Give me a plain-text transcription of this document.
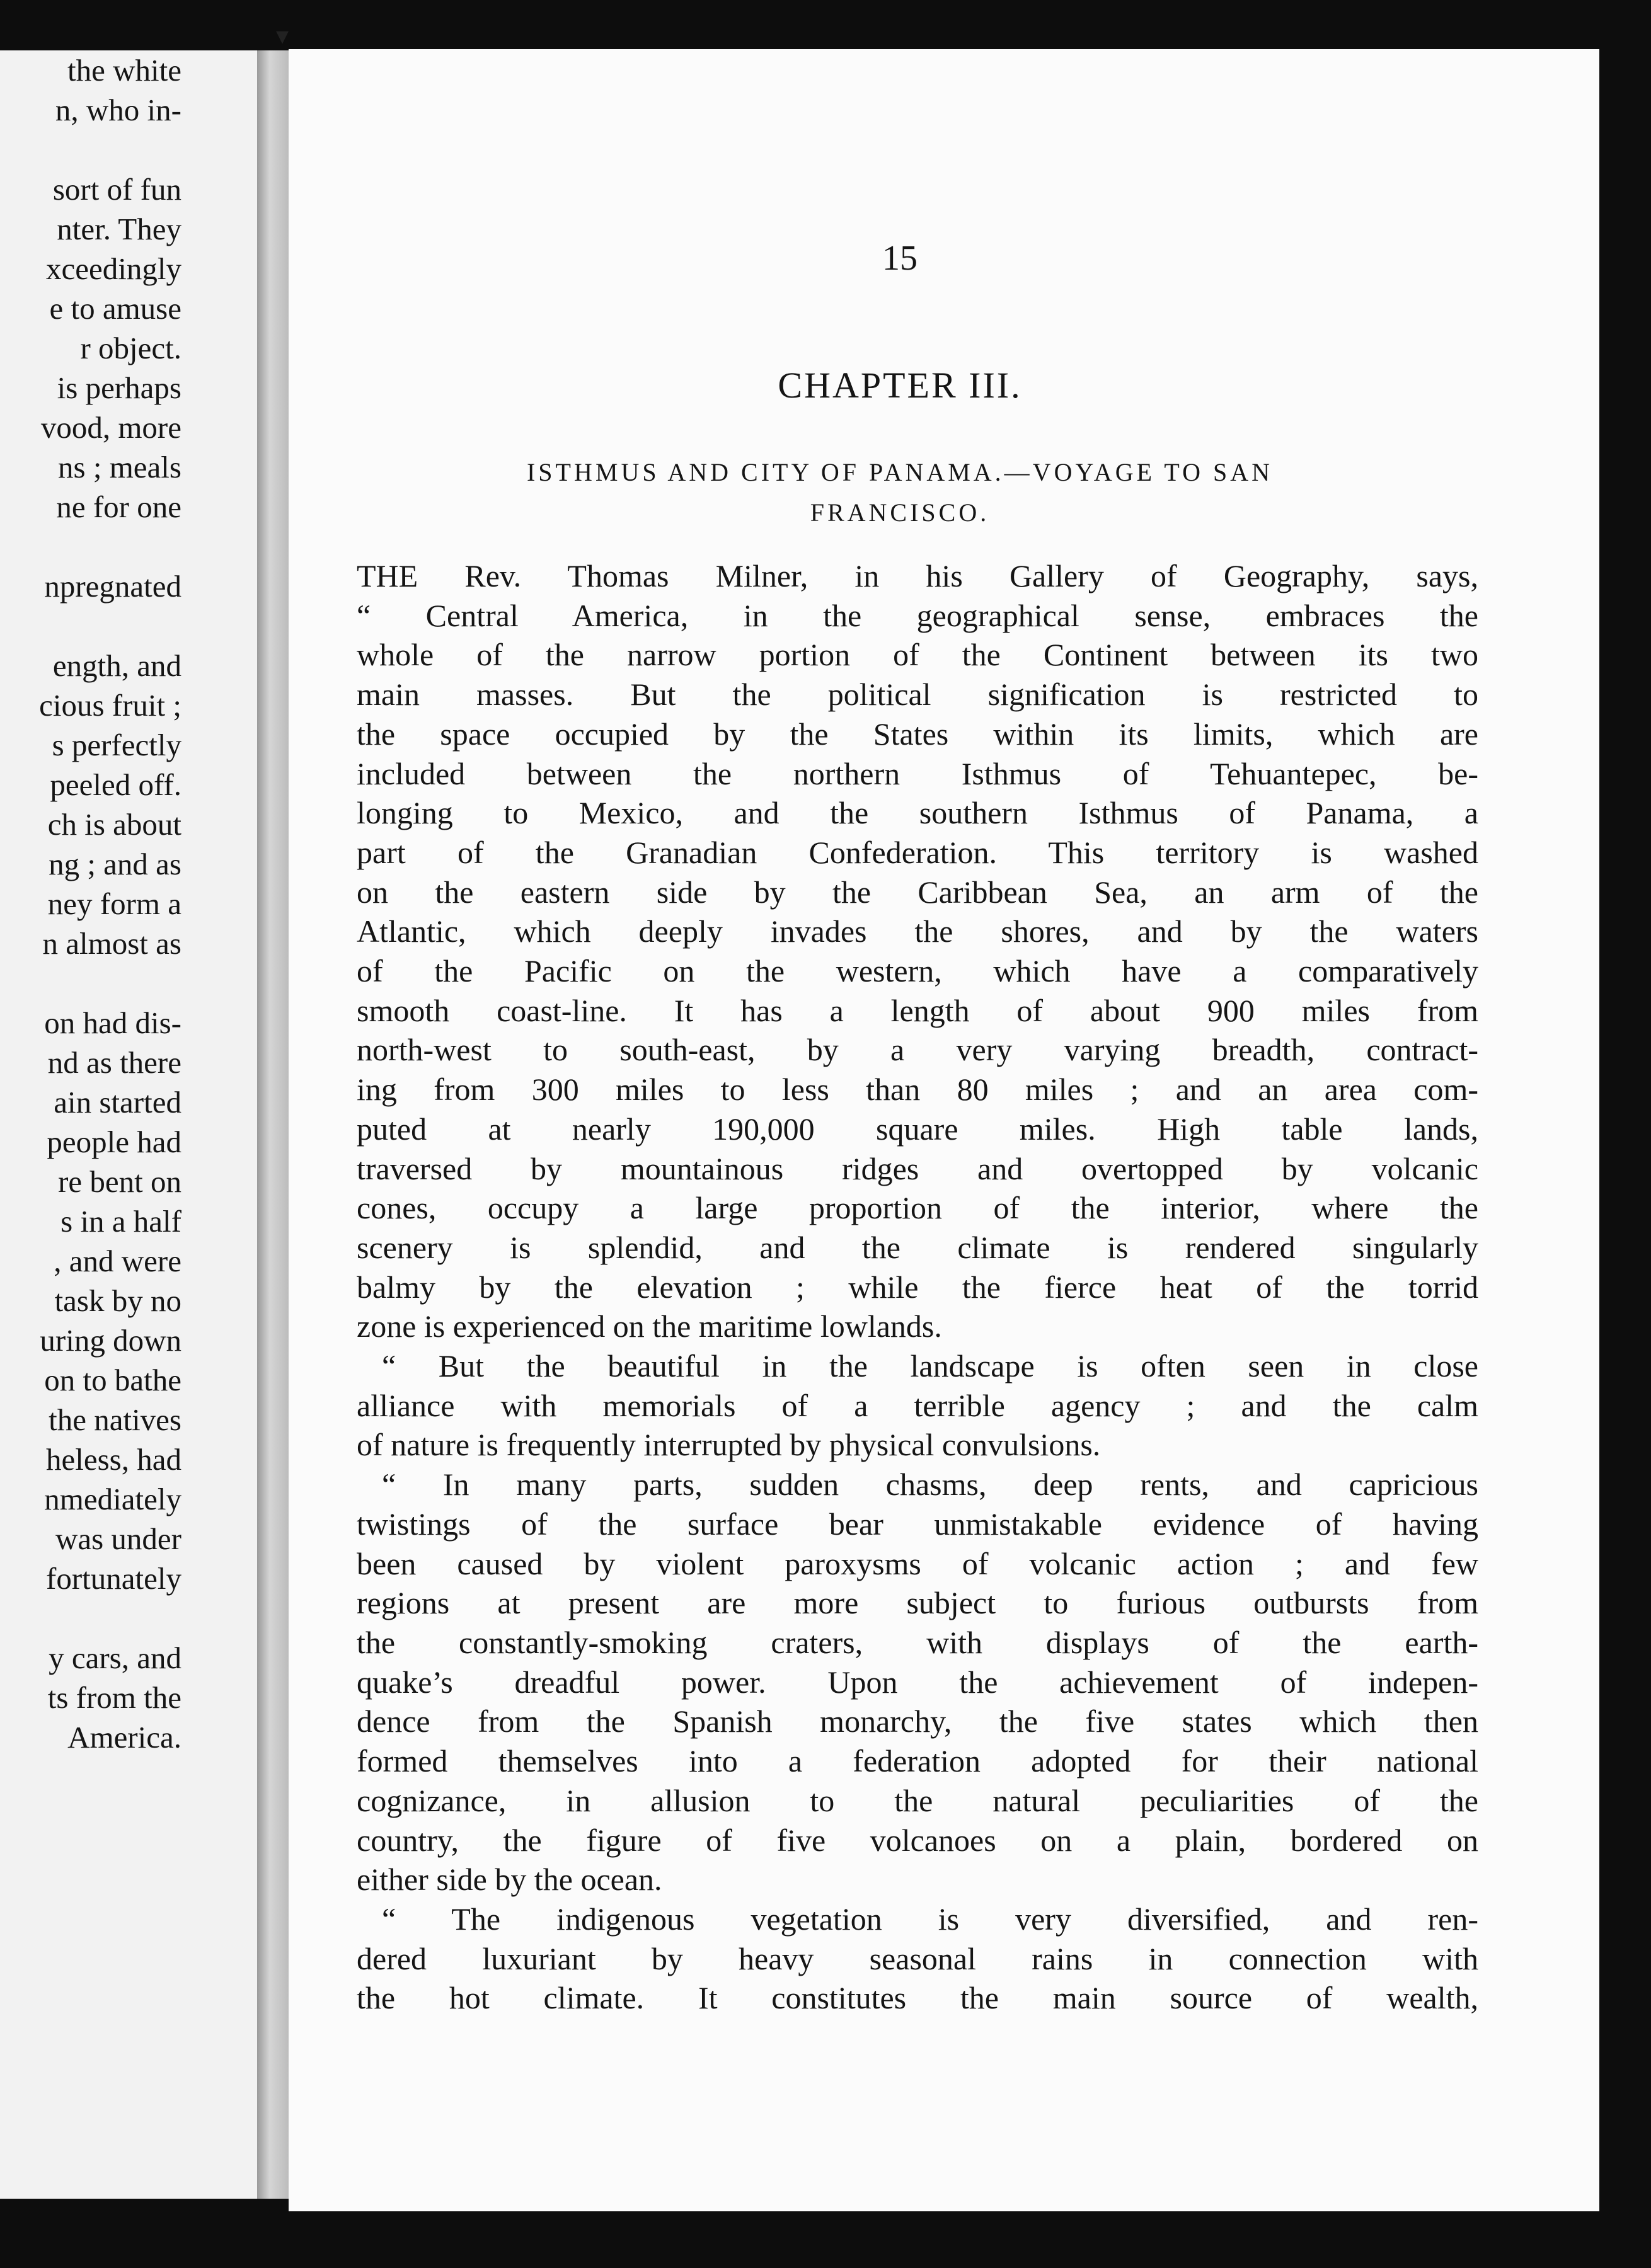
the white
n, who in-

sort of fun
nter. They
xceedingly
e to amuse
r object.
is perhaps
vood, more
ns ; meals
ne for one

npregnated

ength, and
cious fruit ;
s perfectly
peeled off.
ch is about
ng ; and as
ney form a
n almost as

on had dis-
nd as there
ain started
people had
re bent on
s in a half
, and were
task by no
uring down
on to bathe
the natives
heless, had
nmediately
was under
fortunately

y cars, and
ts from the
America.
15
CHAPTER III.
ISTHMUS AND CITY OF PANAMA.—VOYAGE TO SAN
FRANCISCO.
THE Rev. Thomas Milner, in his Gallery of Geography, says,
“ Central America, in the geographical sense, embraces the
whole of the narrow portion of the Continent between its two
main masses. But the political signification is restricted to
the space occupied by the States within its limits, which are
included between the northern Isthmus of Tehuantepec, be-
longing to Mexico, and the southern Isthmus of Panama, a
part of the Granadian Confederation. This territory is washed
on the eastern side by the Caribbean Sea, an arm of the
Atlantic, which deeply invades the shores, and by the waters
of the Pacific on the western, which have a comparatively
smooth coast-line. It has a length of about 900 miles from
north-west to south-east, by a very varying breadth, contract-
ing from 300 miles to less than 80 miles ; and an area com-
puted at nearly 190,000 square miles. High table lands,
traversed by mountainous ridges and overtopped by volcanic
cones, occupy a large proportion of the interior, where the
scenery is splendid, and the climate is rendered singularly
balmy by the elevation ; while the fierce heat of the torrid
zone is experienced on the maritime lowlands.
“ But the beautiful in the landscape is often seen in close
alliance with memorials of a terrible agency ; and the calm
of nature is frequently interrupted by physical convulsions.
“ In many parts, sudden chasms, deep rents, and capricious
twistings of the surface bear unmistakable evidence of having
been caused by violent paroxysms of volcanic action ; and few
regions at present are more subject to furious outbursts from
the constantly-smoking craters, with displays of the earth-
quake’s dreadful power. Upon the achievement of indepen-
dence from the Spanish monarchy, the five states which then
formed themselves into a federation adopted for their national
cognizance, in allusion to the natural peculiarities of the
country, the figure of five volcanoes on a plain, bordered on
either side by the ocean.
“ The indigenous vegetation is very diversified, and ren-
dered luxuriant by heavy seasonal rains in connection with
the hot climate. It constitutes the main source of wealth,
▾
